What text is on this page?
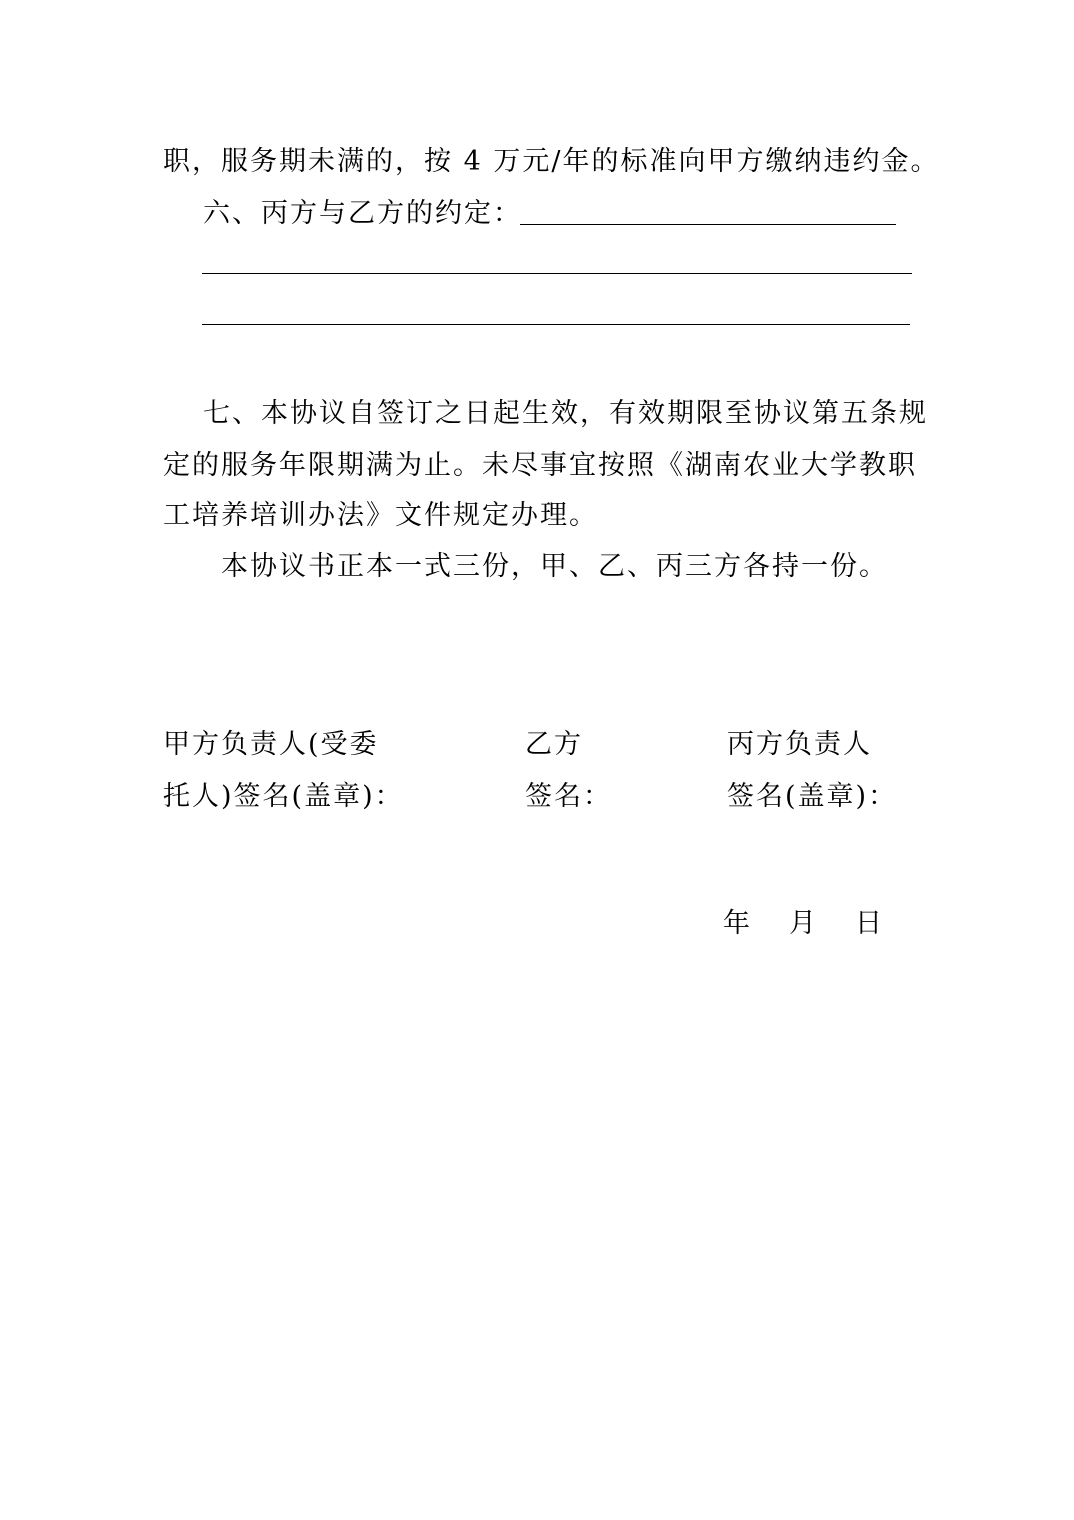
职，服务期未满的，按 4 万元/年的标准向甲方缴纳违约金。
六、丙方与乙方的约定：
七、本协议自签订之日起生效，有效期限至协议第五条规
定的服务年限期满为止。未尽事宜按照《湖南农业大学教职
工培养培训办法》文件规定办理。
本协议书正本一式三份，甲、乙、丙三方各持一份。
甲方负责人(受委
托人)签名(盖章)：
乙方
签名：
丙方负责人
签名(盖章)：
年　月　日
